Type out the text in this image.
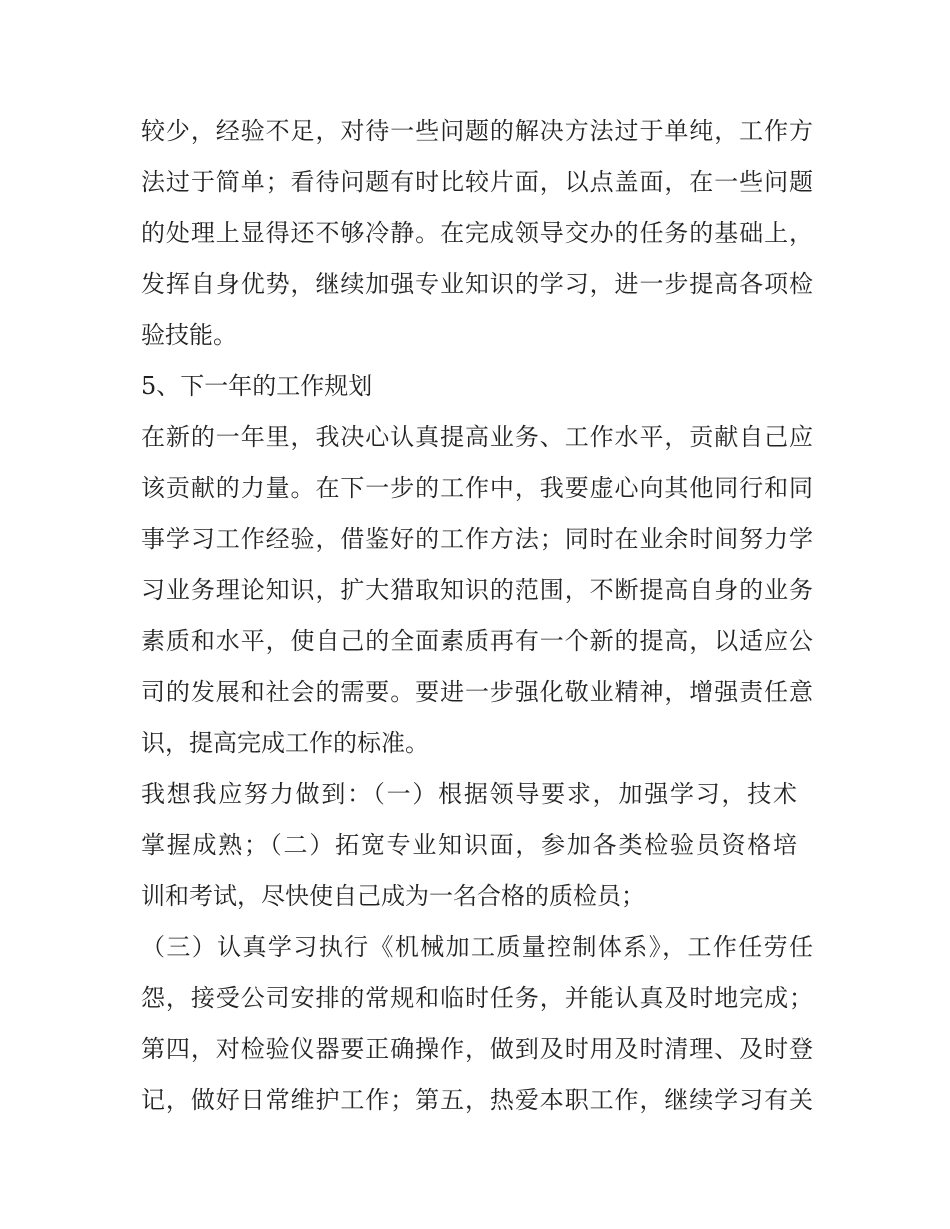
较少，经验不足，对待一些问题的解决方法过于单纯，工作方
法过于简单；看待问题有时比较片面，以点盖面，在一些问题
的处理上显得还不够冷静。在完成领导交办的任务的基础上，
发挥自身优势，继续加强专业知识的学习，进一步提高各项检
验技能。
5、下一年的工作规划
在新的一年里，我决心认真提高业务、工作水平，贡献自己应
该贡献的力量。在下一步的工作中，我要虚心向其他同行和同
事学习工作经验，借鉴好的工作方法；同时在业余时间努力学
习业务理论知识，扩大猎取知识的范围，不断提高自身的业务
素质和水平，使自己的全面素质再有一个新的提高，以适应公
司的发展和社会的需要。要进一步强化敬业精神，增强责任意
识，提高完成工作的标准。
我想我应努力做到：（一）根据领导要求，加强学习，技术
掌握成熟；（二）拓宽专业知识面，参加各类检验员资格培
训和考试，尽快使自己成为一名合格的质检员；
（三）认真学习执行《机械加工质量控制体系》，工作任劳任
怨，接受公司安排的常规和临时任务，并能认真及时地完成；
第四，对检验仪器要正确操作，做到及时用及时清理、及时登
记，做好日常维护工作；第五，热爱本职工作，继续学习有关
